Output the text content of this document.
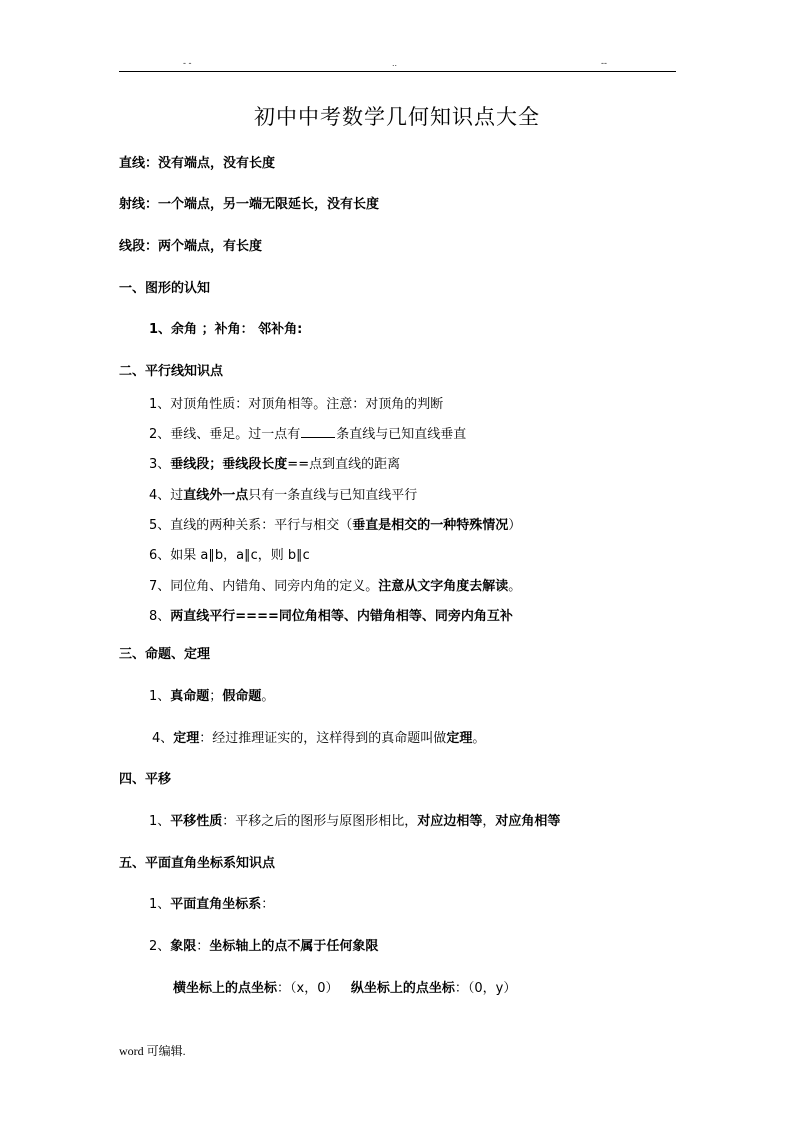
- -	..	--
初中中考数学几何知识点大全
直线：没有端点，没有长度
射线：一个端点，另一端无限延长，没有长度
线段：两个端点，有长度
一、图形的认知
1、余角 ；补角： 邻补角:
二、平行线知识点
1、对顶角性质：对顶角相等。注意：对顶角的判断
2、垂线、垂足。过一点有	条直线与已知直线垂直
3、垂线段；垂线段长度==点到直线的距离
4、过直线外一点只有一条直线与已知直线平行
5、直线的两种关系：平行与相交（垂直是相交的一种特殊情况）
6、如果 a∥b，a∥c，则 b∥c
7、同位角、内错角、同旁内角的定义。注意从文字角度去解读。
8、两直线平行====同位角相等、内错角相等、同旁内角互补
三、命题、定理
1、真命题；假命题。
4、定理：经过推理证实的，这样得到的真命题叫做定理。
四、平移
1、平移性质：平移之后的图形与原图形相比，对应边相等，对应角相等
五、平面直角坐标系知识点
1、平面直角坐标系：
2、象限：坐标轴上的点不属于任何象限
横坐标上的点坐标：（x，0） 纵坐标上的点坐标：（0，y）
word 可编辑.
